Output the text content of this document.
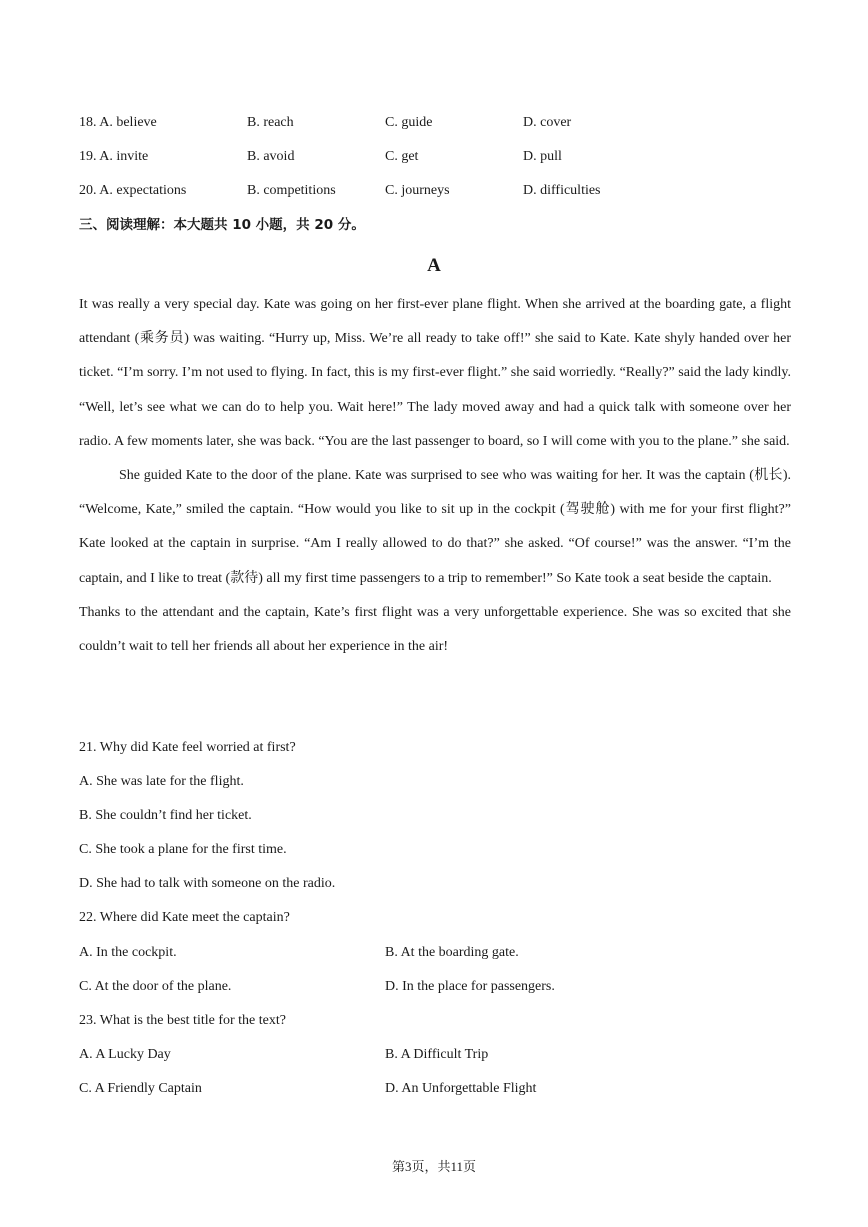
18. A. believe	B. reach	C. guide	D. cover
19. A. invite	B. avoid	C. get	D. pull
20. A. expectations	B. competitions	C. journeys	D. difficulties
三、阅读理解：本大题共 10 小题，共 20 分。
A

It was really a very special day. Kate was going on her first-ever plane flight. When she arrived at the boarding gate, a flight attendant (乘务员) was waiting. “Hurry up, Miss. We’re all ready to take off!” she said to Kate. Kate shyly handed over her ticket. “I’m sorry. I’m not used to flying. In fact, this is my first-ever flight.” she said worriedly. “Really?” said the lady kindly. “Well, let’s see what we can do to help you. Wait here!” The lady moved away and had a quick talk with someone over her radio. A few moments later, she was back. “You are the last passenger to board, so I will come with you to the plane.” she said.

She guided Kate to the door of the plane. Kate was surprised to see who was waiting for her. It was the captain (机长). “Welcome, Kate,” smiled the captain. “How would you like to sit up in the cockpit (驾驶舱) with me for your first flight?” Kate looked at the captain in surprise. “Am I really allowed to do that?” she asked. “Of course!” was the answer. “I’m the captain, and I like to treat (款待) all my first time passengers to a trip to remember!” So Kate took a seat beside the captain.

Thanks to the attendant and the captain, Kate’s first flight was a very unforgettable experience. She was so excited that she couldn’t wait to tell her friends all about her experience in the air!

21. Why did Kate feel worried at first?
A. She was late for the flight.
B. She couldn’t find her ticket.
C. She took a plane for the first time.
D. She had to talk with someone on the radio.
22. Where did Kate meet the captain?
A. In the cockpit.	B. At the boarding gate.
C. At the door of the plane.	D. In the place for passengers.
23. What is the best title for the text?
A. A Lucky Day	B. A Difficult Trip
C. A Friendly Captain	D. An Unforgettable Flight
第3页，共11页
